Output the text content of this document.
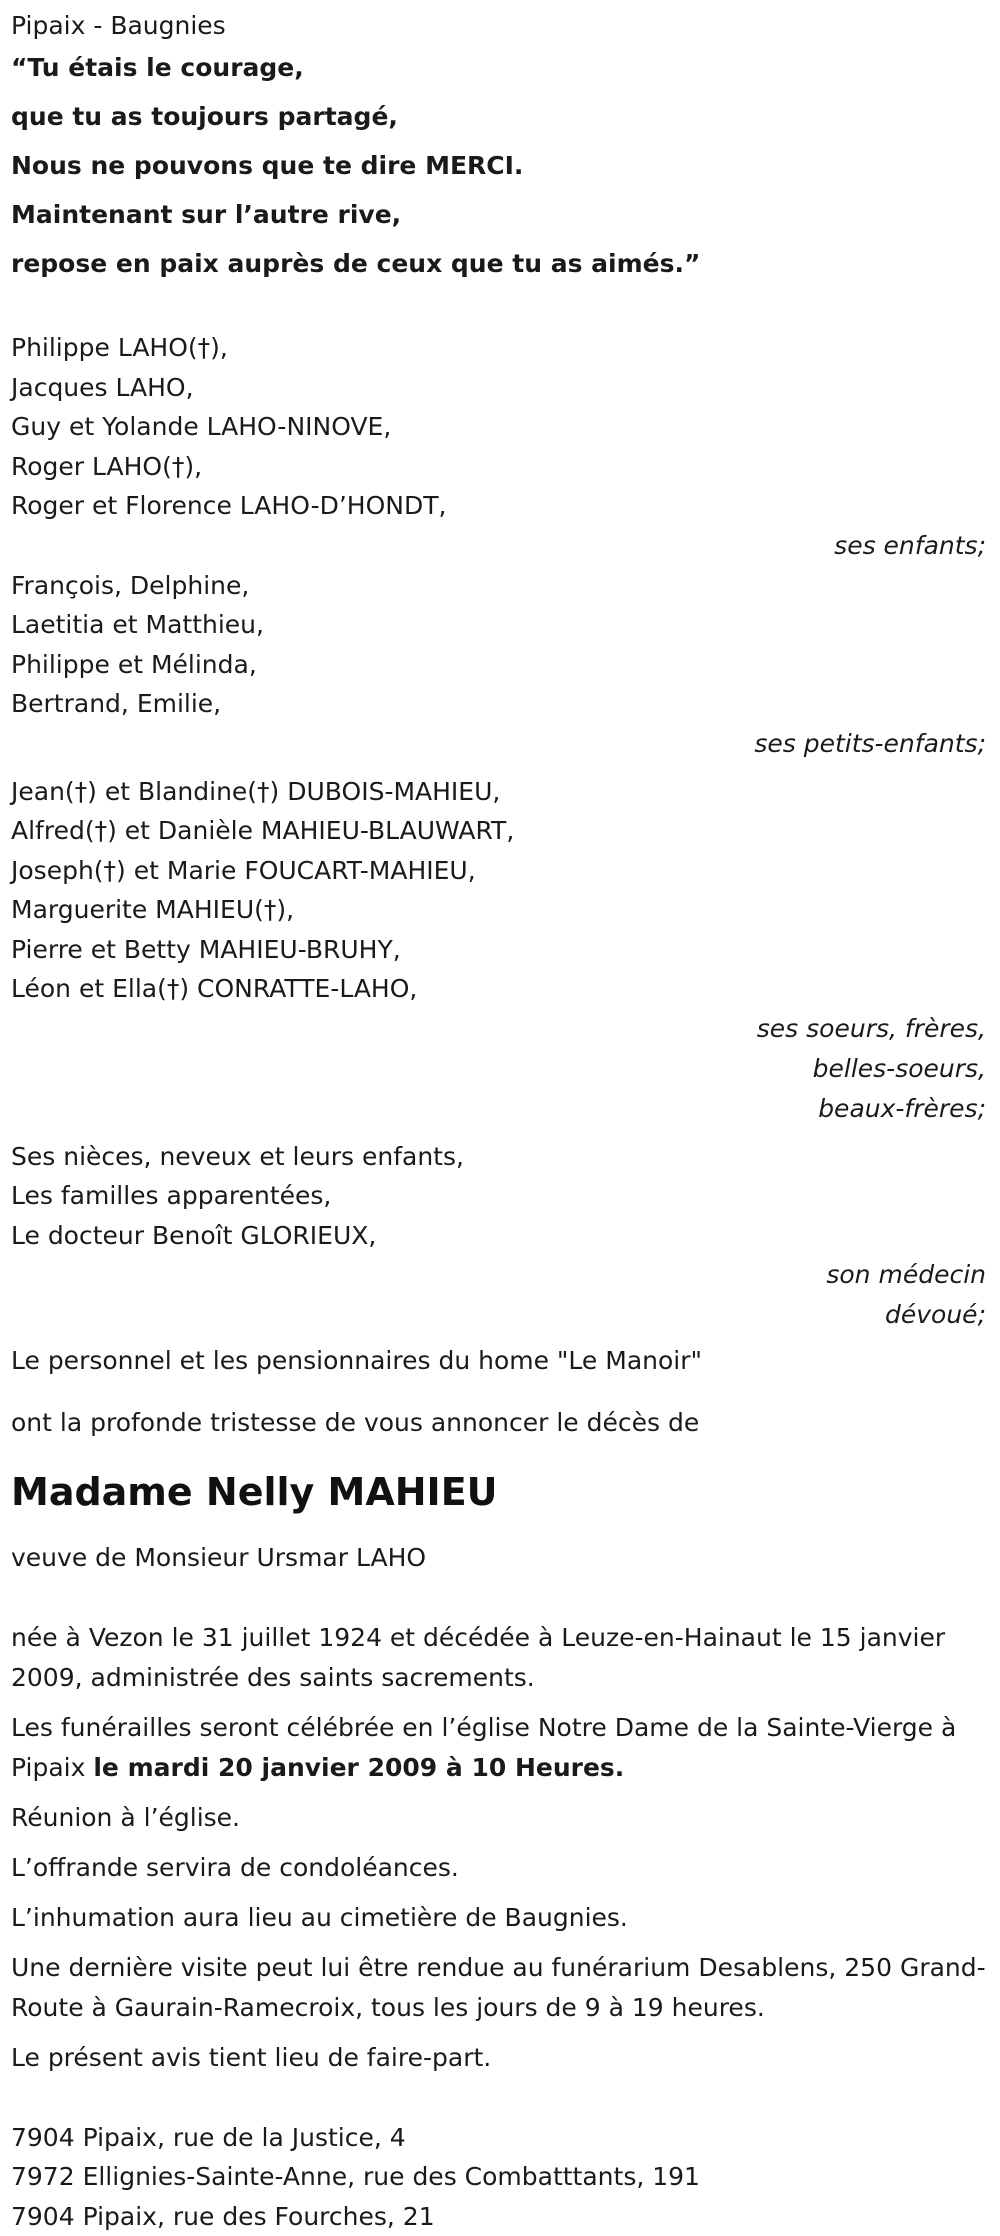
Pipaix - Baugnies
“Tu étais le courage,
que tu as toujours partagé,
Nous ne pouvons que te dire MERCI.
Maintenant sur l’autre rive,
repose en paix auprès de ceux que tu as aimés.”
Philippe LAHO(†),
Jacques LAHO,
Guy et Yolande LAHO-NINOVE,
Roger LAHO(†),
Roger et Florence LAHO-D’HONDT,
ses enfants;
François, Delphine,
Laetitia et Matthieu,
Philippe et Mélinda,
Bertrand, Emilie,
ses petits-enfants;
Jean(†) et Blandine(†) DUBOIS-MAHIEU,
Alfred(†) et Danièle MAHIEU-BLAUWART,
Joseph(†) et Marie FOUCART-MAHIEU,
Marguerite MAHIEU(†),
Pierre et Betty MAHIEU-BRUHY,
Léon et Ella(†) CONRATTE-LAHO,
ses soeurs, frères,
belles-soeurs,
beaux-frères;
Ses nièces, neveux et leurs enfants,
Les familles apparentées,
Le docteur Benoît GLORIEUX,
son médecin
dévoué;
Le personnel et les pensionnaires du home "Le Manoir"
ont la profonde tristesse de vous annoncer le décès de
Madame Nelly MAHIEU
veuve de Monsieur Ursmar LAHO
née à Vezon le 31 juillet 1924 et décédée à Leuze-en-Hainaut le 15 janvier 2009, administrée des saints sacrements.
Les funérailles seront célébrée en l’église Notre Dame de la Sainte-Vierge à Pipaix le mardi 20 janvier 2009 à 10 Heures.
Réunion à l’église.
L’offrande servira de condoléances.
L’inhumation aura lieu au cimetière de Baugnies.
Une dernière visite peut lui être rendue au funérarium Desablens, 250 Grand-Route à Gaurain-Ramecroix, tous les jours de 9 à 19 heures.
Le présent avis tient lieu de faire-part.
7904 Pipaix, rue de la Justice, 4
7972 Ellignies-Sainte-Anne, rue des Combatttants, 191
7904 Pipaix, rue des Fourches, 21
